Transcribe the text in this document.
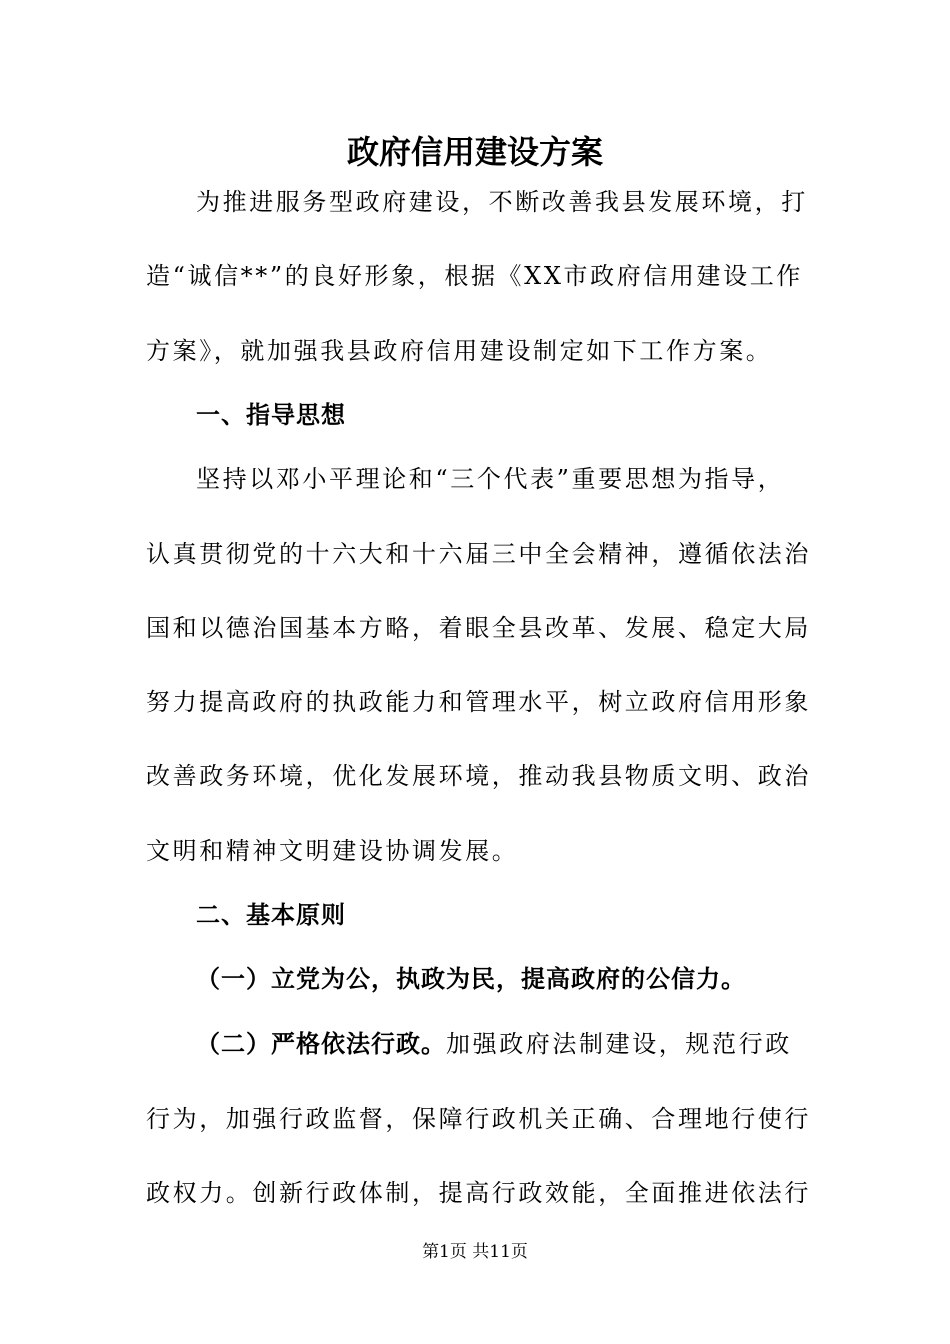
政府信用建设方案

为推进服务型政府建设，不断改善我县发展环境，打

造“诚信**”的良好形象，根据《XX市政府信用建设工作

方案》，就加强我县政府信用建设制定如下工作方案。

一、指导思想

坚持以邓小平理论和“三个代表”重要思想为指导，

认真贯彻党的十六大和十六届三中全会精神，遵循依法治

国和以德治国基本方略，着眼全县改革、发展、稳定大局

努力提高政府的执政能力和管理水平，树立政府信用形象

改善政务环境，优化发展环境，推动我县物质文明、政治

文明和精神文明建设协调发展。

二、基本原则

（一）立党为公，执政为民，提高政府的公信力。

（二）严格依法行政。加强政府法制建设，规范行政

行为，加强行政监督，保障行政机关正确、合理地行使行

政权力。创新行政体制，提高行政效能，全面推进依法行

第1页 共11页
